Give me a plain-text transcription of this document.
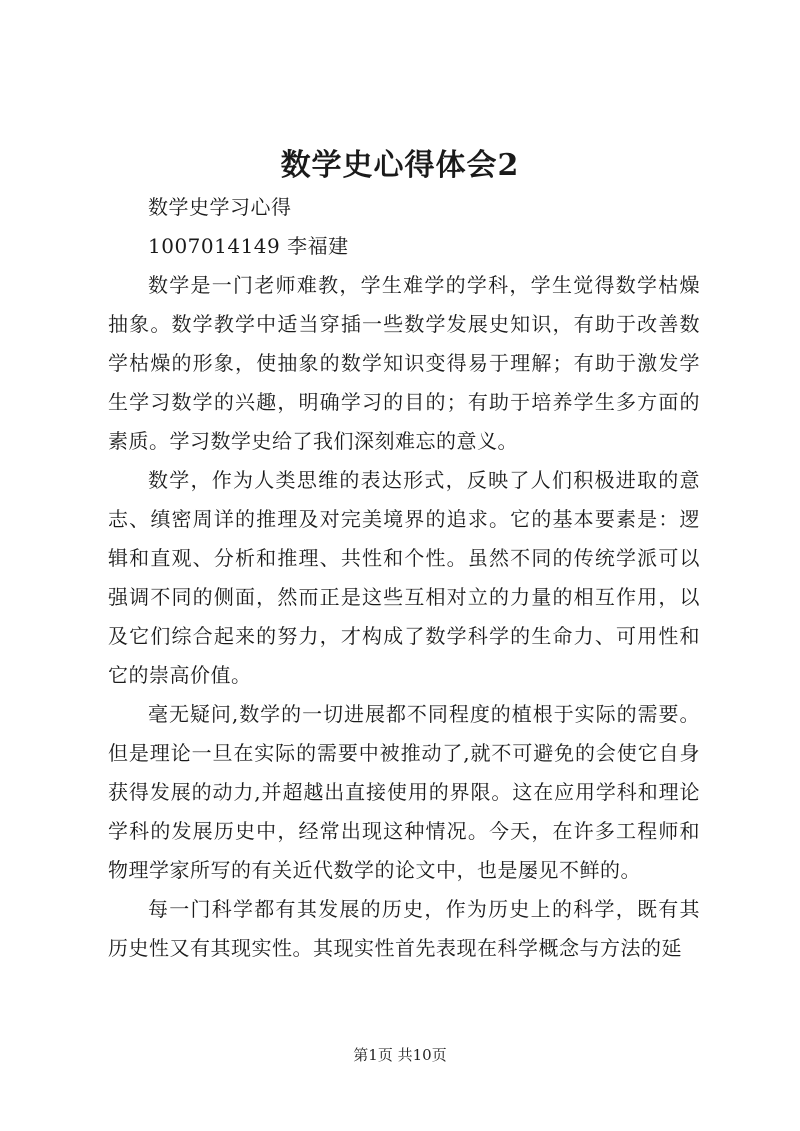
数学史心得体会2

数学史学习心得

1007014149 李福建

数学是一门老师难教，学生难学的学科，学生觉得数学枯燥抽象。数学教学中适当穿插一些数学发展史知识，有助于改善数学枯燥的形象，使抽象的数学知识变得易于理解；有助于激发学生学习数学的兴趣，明确学习的目的；有助于培养学生多方面的素质。学习数学史给了我们深刻难忘的意义。

数学，作为人类思维的表达形式，反映了人们积极进取的意志、缜密周详的推理及对完美境界的追求。它的基本要素是：逻辑和直观、分析和推理、共性和个性。虽然不同的传统学派可以强调不同的侧面，然而正是这些互相对立的力量的相互作用，以及它们综合起来的努力，才构成了数学科学的生命力、可用性和它的崇高价值。

毫无疑问,数学的一切进展都不同程度的植根于实际的需要。但是理论一旦在实际的需要中被推动了,就不可避免的会使它自身获得发展的动力,并超越出直接使用的界限。这在应用学科和理论学科的发展历史中，经常出现这种情况。今天，在许多工程师和物理学家所写的有关近代数学的论文中，也是屡见不鲜的。

每一门科学都有其发展的历史，作为历史上的科学，既有其历史性又有其现实性。其现实性首先表现在科学概念与方法的延

第1页 共10页
